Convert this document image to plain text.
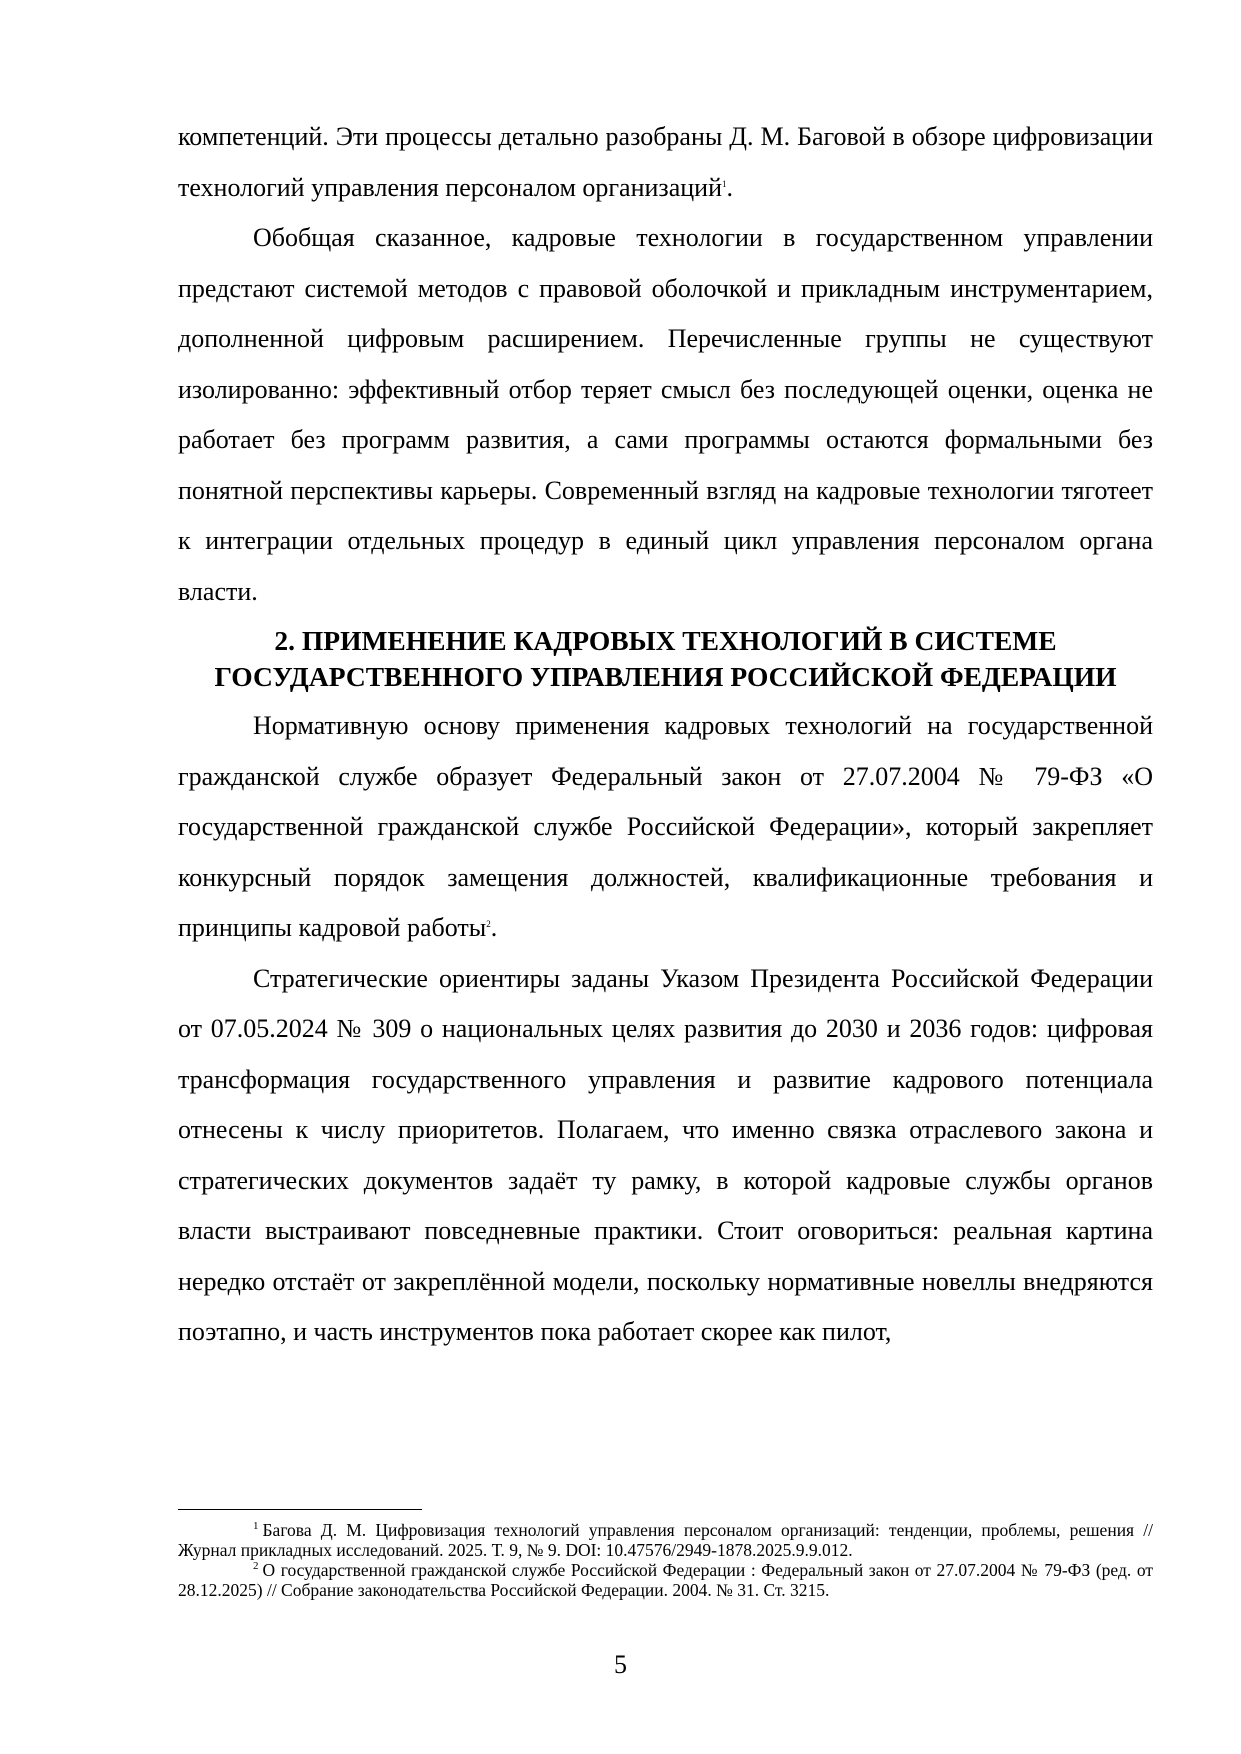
компетенций. Эти процессы детально разобраны Д. М. Баговой в обзоре цифровизации технологий управления персоналом организаций$^1$.

Обобщая сказанное, кадровые технологии в государственном управлении предстают системой методов с правовой оболочкой и прикладным инструментарием, дополненной цифровым расширением. Перечисленные группы не существуют изолированно: эффективный отбор теряет смысл без последующей оценки, оценка не работает без программ развития, а сами программы остаются формальными без понятной перспективы карьеры. Современный взгляд на кадровые технологии тяготеет к интеграции отдельных процедур в единый цикл управления персоналом органа власти.

2. ПРИМЕНЕНИЕ КАДРОВЫХ ТЕХНОЛОГИЙ В СИСТЕМЕ ГОСУДАРСТВЕННОГО УПРАВЛЕНИЯ РОССИЙСКОЙ ФЕДЕРАЦИИ

Нормативную основу применения кадровых технологий на государственной гражданской службе образует Федеральный закон от 27.07.2004 № 79-ФЗ «О государственной гражданской службе Российской Федерации», который закрепляет конкурсный порядок замещения должностей, квалификационные требования и принципы кадровой работы$^2$.

Стратегические ориентиры заданы Указом Президента Российской Федерации от 07.05.2024 № 309 о национальных целях развития до 2030 и 2036 годов: цифровая трансформация государственного управления и развитие кадрового потенциала отнесены к числу приоритетов. Полагаем, что именно связка отраслевого закона и стратегических документов задаёт ту рамку, в которой кадровые службы органов власти выстраивают повседневные практики. Стоит оговориться: реальная картина нередко отстаёт от закреплённой модели, поскольку нормативные новеллы внедряются поэтапно, и часть инструментов пока работает скорее как пилот,

$^1$ Багова Д. М. Цифровизация технологий управления персоналом организаций: тенденции, проблемы, решения // Журнал прикладных исследований. 2025. Т. 9, № 9. DOI: 10.47576/2949-1878.2025.9.9.012.

$^2$ О государственной гражданской службе Российской Федерации : Федеральный закон от 27.07.2004 № 79-ФЗ (ред. от 28.12.2025) // Собрание законодательства Российской Федерации. 2004. № 31. Ст. 3215.

5
